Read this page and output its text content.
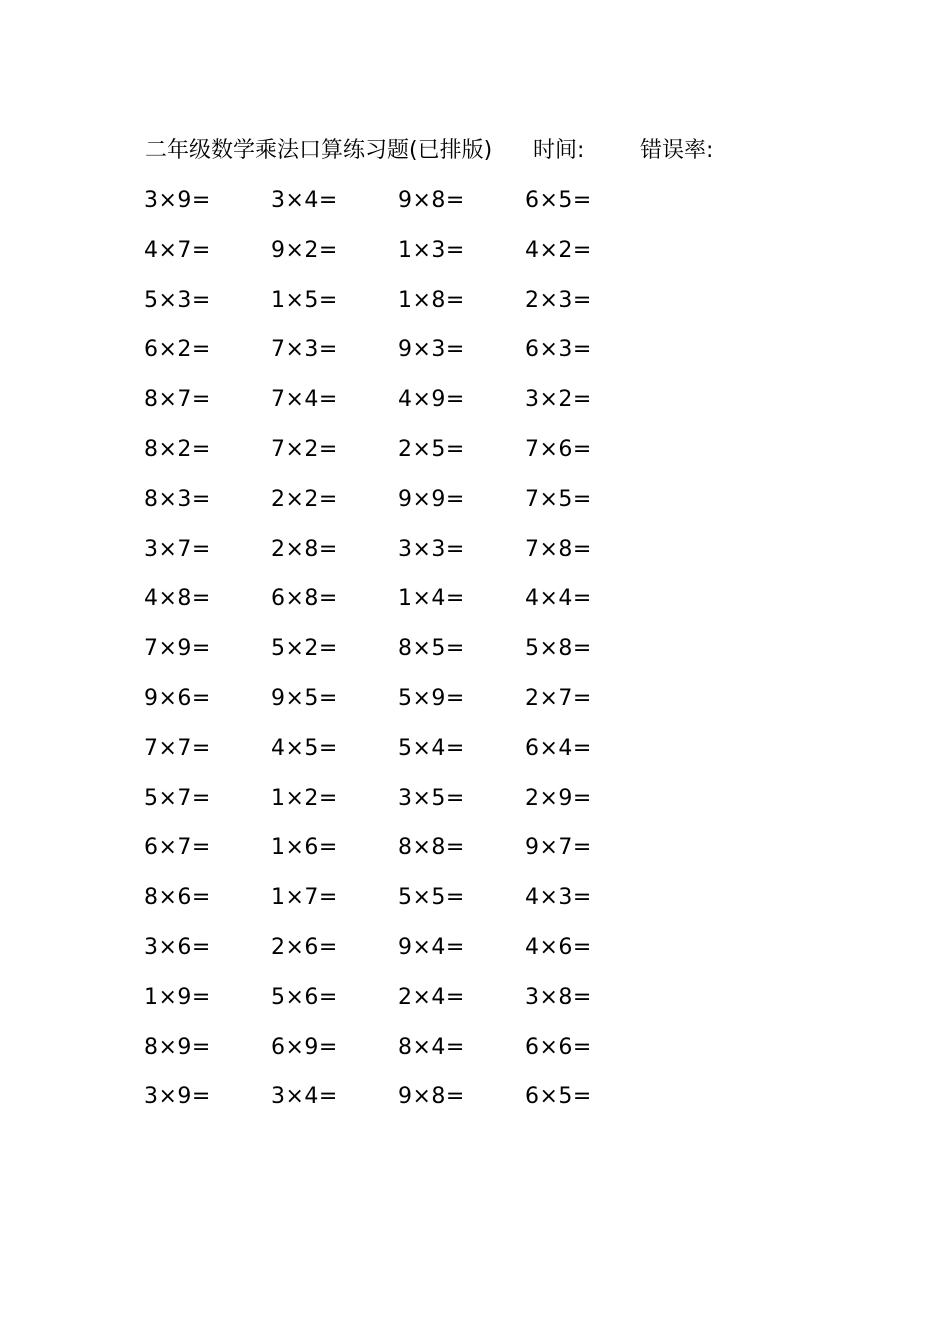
二年级数学乘法口算练习题(已排版) 时间:	错误率:
3×9=	3×4=	9×8=	6×5=
4×7=	9×2=	1×3=	4×2=
5×3=	1×5=	1×8=	2×3=
6×2=	7×3=	9×3=	6×3=
8×7=	7×4=	4×9=	3×2=
8×2=	7×2=	2×5=	7×6=
8×3=	2×2=	9×9=	7×5=
3×7=	2×8=	3×3=	7×8=
4×8=	6×8=	1×4=	4×4=
7×9=	5×2=	8×5=	5×8=
9×6=	9×5=	5×9=	2×7=
7×7=	4×5=	5×4=	6×4=
5×7=	1×2=	3×5=	2×9=
6×7=	1×6=	8×8=	9×7=
8×6=	1×7=	5×5=	4×3=
3×6=	2×6=	9×4=	4×6=
1×9=	5×6=	2×4=	3×8=
8×9=	6×9=	8×4=	6×6=
3×9=	3×4=	9×8=	6×5=
